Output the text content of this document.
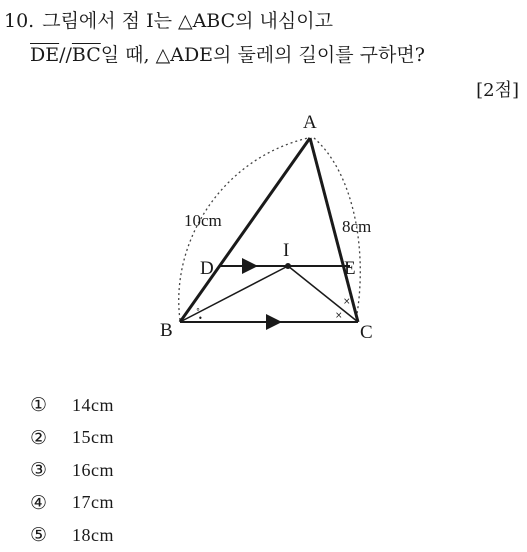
10. 그림에서 점 I는 △ABC의 내심이고
$\overline{DE}//\overline{BC}$일 때, △ADE의 둘레의 길이를 구하면?
[2점]
°
•
×
×
A
B	C
D	E
I
10cm	8cm
①	14cm
②	15cm
③	16cm
④	17cm
⑤	18cm
